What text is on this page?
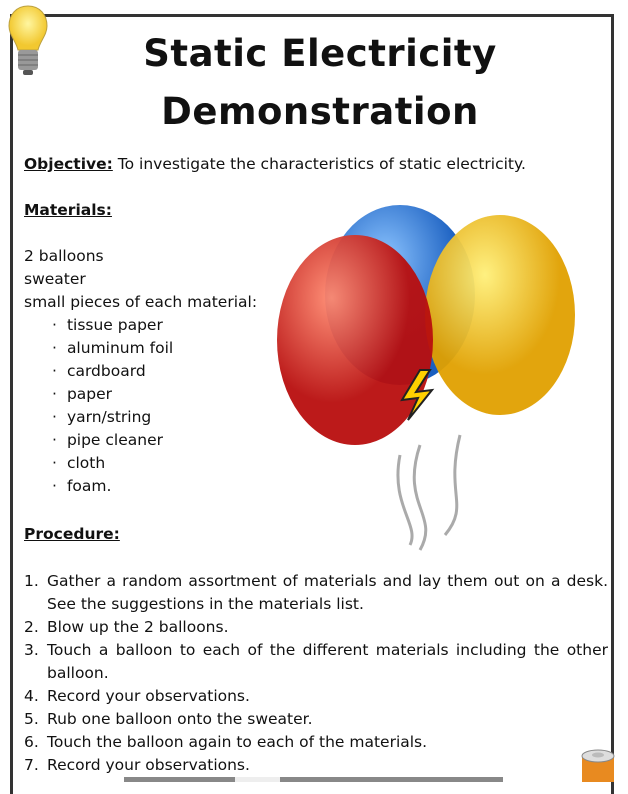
Static Electricity
Demonstration
Objective: To investigate the characteristics of static electricity.
Materials:
2 balloons
sweater
small pieces of each material:
· tissue paper
· aluminum foil
· cardboard
· paper
· yarn/string
· pipe cleaner
· cloth
· foam.
Procedure:
1. Gather a random assortment of materials and lay them out on a desk. See the suggestions in the materials list.
2. Blow up the 2 balloons.
3. Touch a balloon to each of the different materials including the other balloon.
4. Record your observations.
5. Rub one balloon onto the sweater.
6. Touch the balloon again to each of the materials.
7. Record your observations.
